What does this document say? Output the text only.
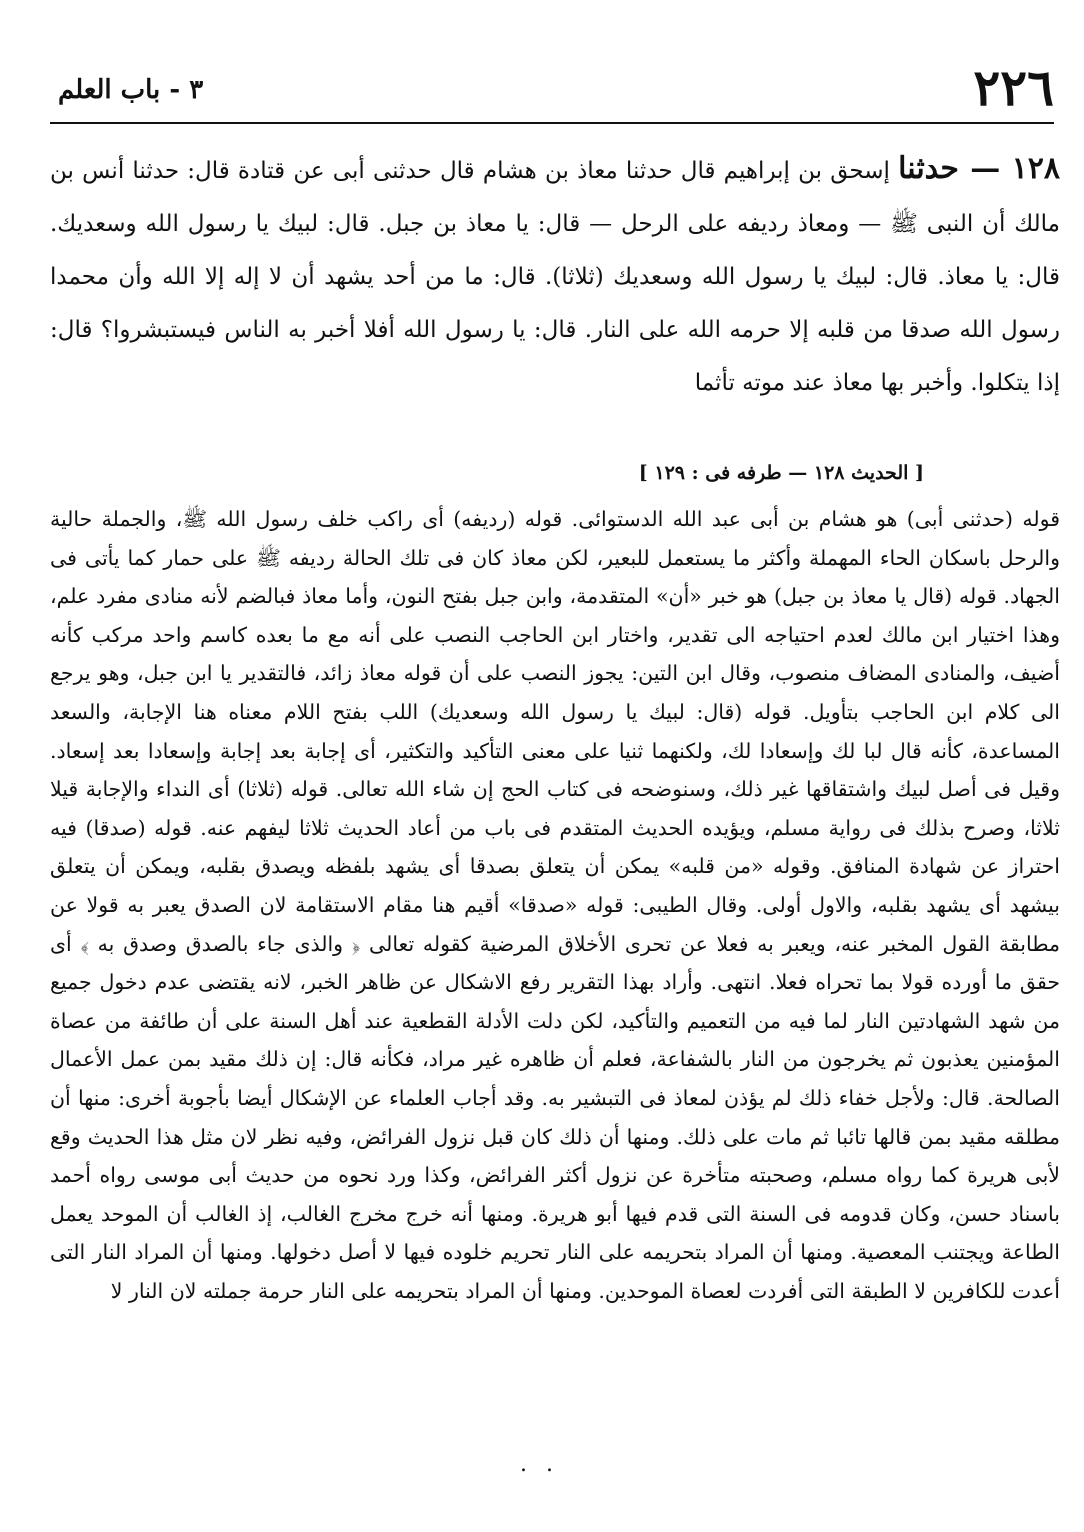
٢٢٦
٣ - باب العلم
١٢٨ — حدثنا إسحق بن إبراهيم قال حدثنا معاذ بن هشام قال حدثنى أبى عن قتادة قال: حدثنا أنس بن مالك أن النبى ﷺ — ومعاذ رديفه على الرحل — قال: يا معاذ بن جبل. قال: لبيك يا رسول الله وسعديك. قال: يا معاذ. قال: لبيك يا رسول الله وسعديك (ثلاثا). قال: ما من أحد يشهد أن لا إله إلا الله وأن محمدا رسول الله صدقا من قلبه إلا حرمه الله على النار. قال: يا رسول الله أفلا أخبر به الناس فيستبشروا؟ قال: إذا يتكلوا. وأخبر بها معاذ عند موته تأثما
[ الحديث ١٢٨ — طرفه فى : ١٢٩ ]
قوله (حدثنى أبى) هو هشام بن أبى عبد الله الدستوائى. قوله (رديفه) أى راكب خلف رسول الله ﷺ، والجملة حالية والرحل باسكان الحاء المهملة وأكثر ما يستعمل للبعير، لكن معاذ كان فى تلك الحالة رديفه ﷺ على حمار كما يأتى فى الجهاد. قوله (قال يا معاذ بن جبل) هو خبر «أن» المتقدمة، وابن جبل بفتح النون، وأما معاذ فبالضم لأنه منادى مفرد علم، وهذا اختيار ابن مالك لعدم احتياجه الى تقدير، واختار ابن الحاجب النصب على أنه مع ما بعده كاسم واحد مركب كأنه أضيف، والمنادى المضاف منصوب، وقال ابن التين: يجوز النصب على أن قوله معاذ زائد، فالتقدير يا ابن جبل، وهو يرجع الى كلام ابن الحاجب بتأويل. قوله (قال: لبيك يا رسول الله وسعديك) اللب بفتح اللام معناه هنا الإجابة، والسعد المساعدة، كأنه قال لبا لك وإسعادا لك، ولكنهما ثنيا على معنى التأكيد والتكثير، أى إجابة بعد إجابة وإسعادا بعد إسعاد. وقيل فى أصل لبيك واشتقاقها غير ذلك، وسنوضحه فى كتاب الحج إن شاء الله تعالى. قوله (ثلاثا) أى النداء والإجابة قيلا ثلاثا، وصرح بذلك فى رواية مسلم، ويؤيده الحديث المتقدم فى باب من أعاد الحديث ثلاثا ليفهم عنه. قوله (صدقا) فيه احتراز عن شهادة المنافق. وقوله «من قلبه» يمكن أن يتعلق بصدقا أى يشهد بلفظه ويصدق بقلبه، ويمكن أن يتعلق بيشهد أى يشهد بقلبه، والاول أولى. وقال الطيبى: قوله «صدقا» أقيم هنا مقام الاستقامة لان الصدق يعبر به قولا عن مطابقة القول المخبر عنه، ويعبر به فعلا عن تحرى الأخلاق المرضية كقوله تعالى ﴿ والذى جاء بالصدق وصدق به ﴾ أى حقق ما أورده قولا بما تحراه فعلا. انتهى. وأراد بهذا التقرير رفع الاشكال عن ظاهر الخبر، لانه يقتضى عدم دخول جميع من شهد الشهادتين النار لما فيه من التعميم والتأكيد، لكن دلت الأدلة القطعية عند أهل السنة على أن طائفة من عصاة المؤمنين يعذبون ثم يخرجون من النار بالشفاعة، فعلم أن ظاهره غير مراد، فكأنه قال: إن ذلك مقيد بمن عمل الأعمال الصالحة. قال: ولأجل خفاء ذلك لم يؤذن لمعاذ فى التبشير به. وقد أجاب العلماء عن الإشكال أيضا بأجوبة أخرى: منها أن مطلقه مقيد بمن قالها تائبا ثم مات على ذلك. ومنها أن ذلك كان قبل نزول الفرائض، وفيه نظر لان مثل هذا الحديث وقع لأبى هريرة كما رواه مسلم، وصحبته متأخرة عن نزول أكثر الفرائض، وكذا ورد نحوه من حديث أبى موسى رواه أحمد باسناد حسن، وكان قدومه فى السنة التى قدم فيها أبو هريرة. ومنها أنه خرج مخرج الغالب، إذ الغالب أن الموحد يعمل الطاعة ويجتنب المعصية. ومنها أن المراد بتحريمه على النار تحريم خلوده فيها لا أصل دخولها. ومنها أن المراد النار التى أعدت للكافرين لا الطبقة التى أفردت لعصاة الموحدين. ومنها أن المراد بتحريمه على النار حرمة جملته لان النار لا
. .
